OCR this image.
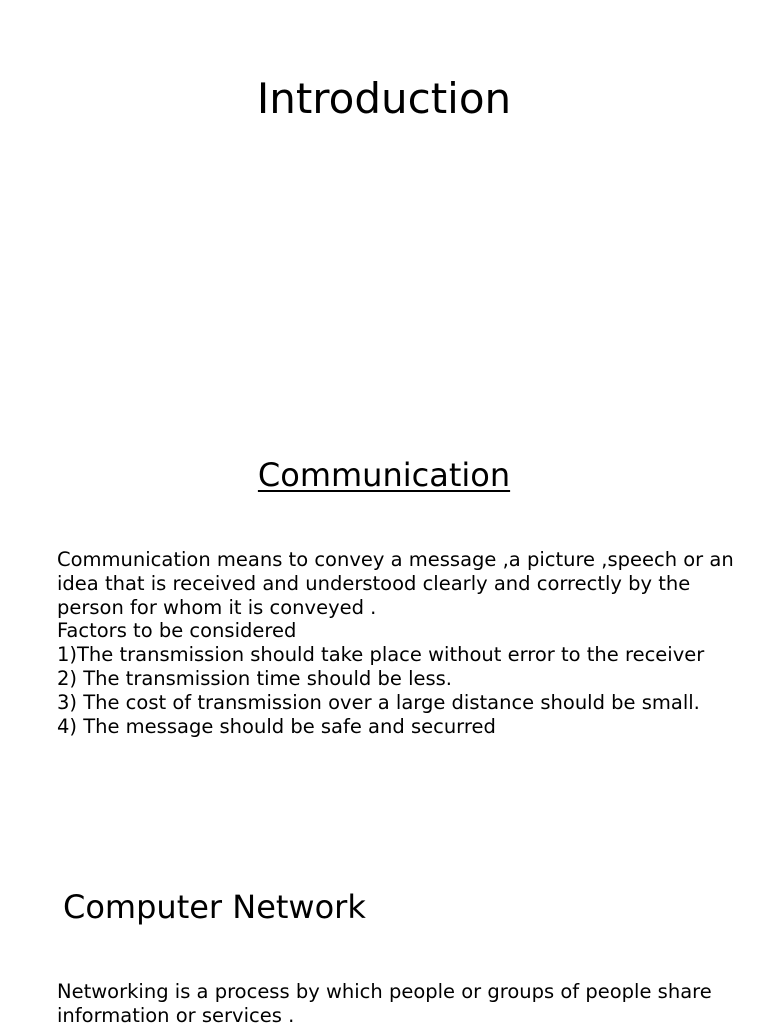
Introduction
Communication
Communication means to convey a message ,a picture ,speech or an
idea that is received and understood clearly and correctly by the
person for whom it is conveyed .
Factors to be considered
1)The transmission should take place without error to the receiver
2) The transmission time should be less.
3) The cost of transmission over a large distance should be small.
4) The message should be safe and securred
Computer Network
Networking is a process by which people or groups of people share
information or services .
